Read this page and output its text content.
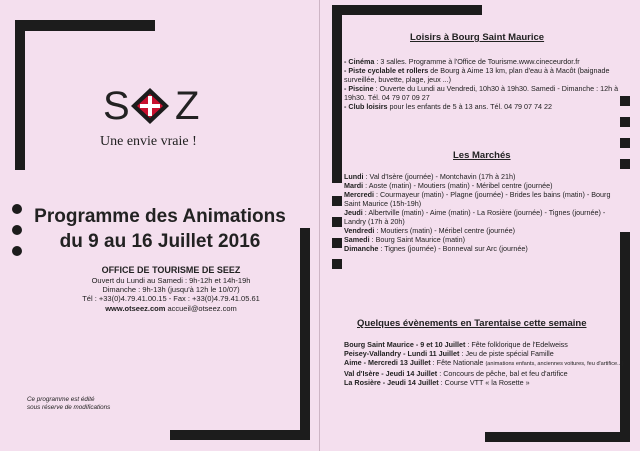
S Z
Une envie vraie !
Programme des Animations
du 9 au 16 Juillet 2016
OFFICE DE TOURISME DE SEEZ
Ouvert du Lundi au Samedi : 9h-12h et 14h-19h
Dimanche : 9h-13h (jusqu'à 12h le 10/07)
Tél : +33(0)4.79.41.00.15 - Fax : +33(0)4.79.41.05.61
www.otseez.com accueil@otseez.com
Ce programme est édité
sous réserve de modifications
Loisirs à Bourg Saint Maurice

- Cinéma : 3 salles. Programme à l'Office de Tourisme.www.cineceurdor.fr

- Piste cyclable et rollers de Bourg à Aime 13 km, plan d'eau à à Macôt (baignade surveillée, buvette, plage, jeux ...)

- Piscine : Ouverte du Lundi au Vendredi, 10h30 à 19h30. Samedi - Dimanche : 12h à 19h30. Tél. 04 79 07 09 27

- Club loisirs pour les enfants de 5 à 13 ans. Tél. 04 79 07 74 22

Les Marchés

Lundi : Val d'Isère (journée) - Montchavin (17h à 21h)

Mardi : Aoste (matin) - Moutiers (matin) - Méribel centre (journée)

Mercredi : Courmayeur (matin) - Plagne (journée) - Brides les bains (matin) - Bourg Saint Maurice (15h-19h)

Jeudi : Albertville (matin) - Aime (matin) - La Rosière (journée) - Tignes (journée) - Landry (17h à 20h)

Vendredi : Moutiers (matin) - Méribel centre (journée)

Samedi : Bourg Saint Maurice (matin)

Dimanche : Tignes (journée) - Bonneval sur Arc (journée)

Quelques évènements en Tarentaise cette semaine

Bourg Saint Maurice - 9 et 10 Juillet : Fête folklorique de l'Edelweiss

Peisey-Vallandry - Lundi 11 Juillet : Jeu de piste spécial Famille

Aime - Mercredi 13 Juillet : Fête Nationale (animations enfants, anciennes voitures, feu d'artifice...)

Val d'Isère - Jeudi 14 Juillet : Concours de pêche, bal et feu d'artifice

La Rosière - Jeudi 14 Juillet : Course VTT « la Rosette »
